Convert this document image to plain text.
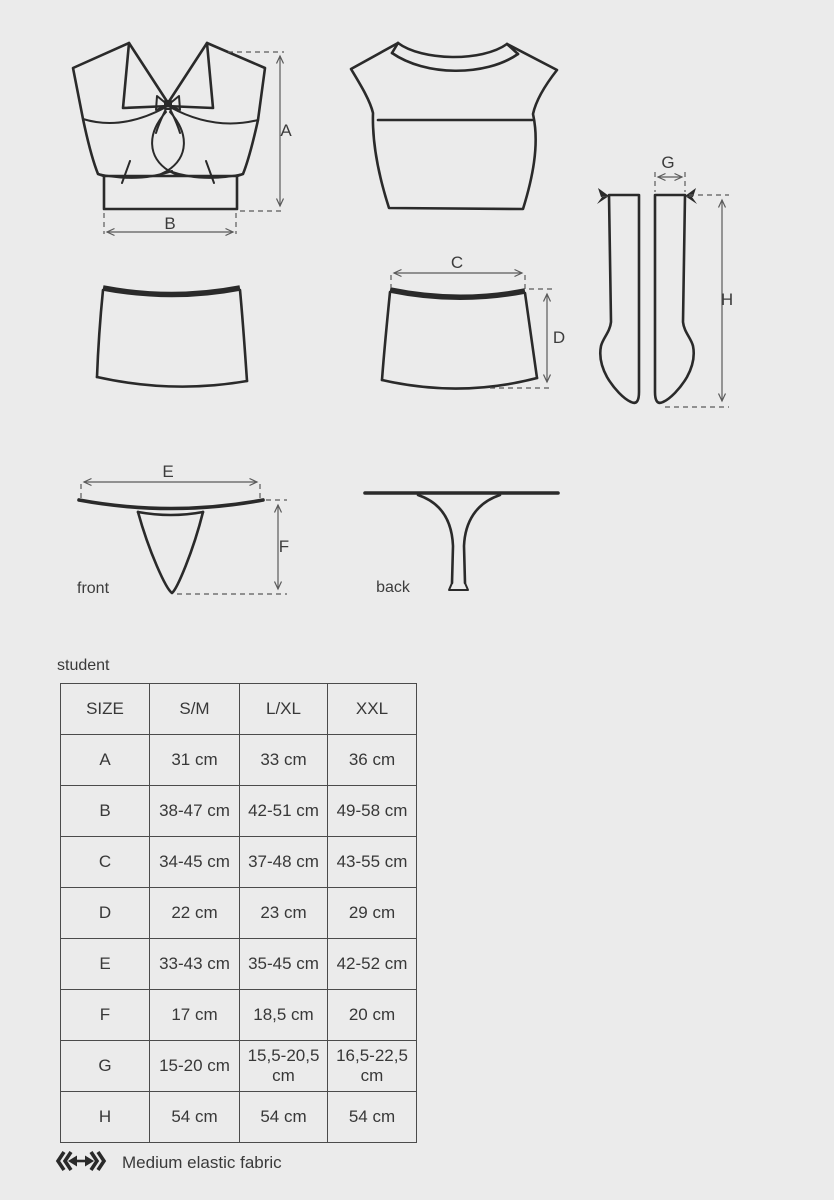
A
B
C
D
E
F
G
H
front	back
student
SIZE	S/M	L/XL	XXL
A	31 cm	33 cm	36 cm
B	38-47 cm	42-51 cm	49-58 cm
C	34-45 cm	37-48 cm	43-55 cm
D	22 cm	23 cm	29 cm
E	33-43 cm	35-45 cm	42-52 cm
F	17 cm	18,5 cm	20 cm
G	15-20 cm	15,5-20,5 cm	16,5-22,5 cm
H	54 cm	54 cm	54 cm
Medium elastic fabric
